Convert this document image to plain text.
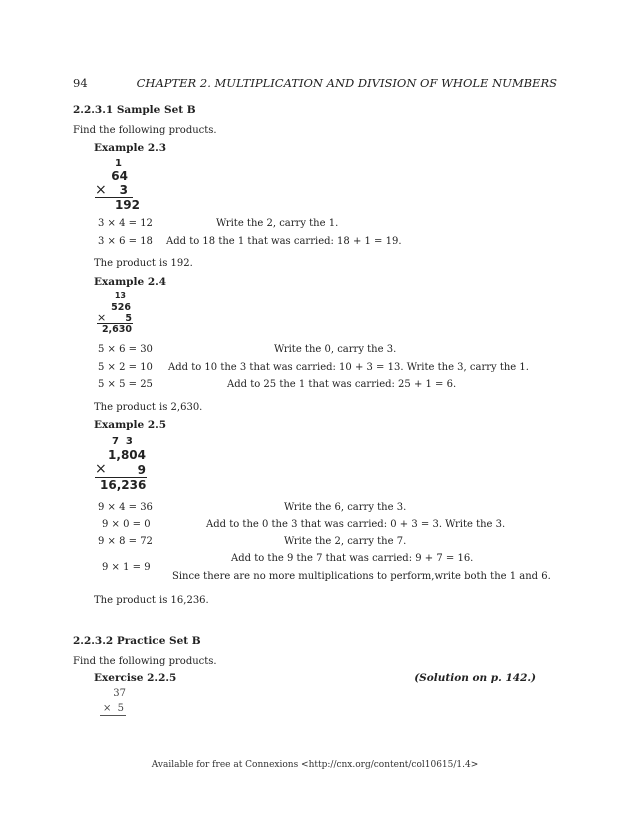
94	CHAPTER 2. MULTIPLICATION AND DIVISION OF WHOLE NUMBERS
2.2.3.1 Sample Set B
Find the following products.
Example 2.3
1
64
×	3
192
3 × 4 = 12	Write the 2, carry the 1.
3 × 6 = 18 Add to 18 the 1 that was carried: 18 + 1 = 19.
The product is 192.
Example 2.4
13
526
×	5
2,630
5 × 6 = 30	Write the 0, carry the 3.
5 × 2 = 10 Add to 10 the 3 that was carried: 10 + 3 = 13. Write the 3, carry the 1.
5 × 5 = 25	Add to 25 the 1 that was carried: 25 + 1 = 6.
The product is 2,630.
Example 2.5
7  3
1,804
×	9
16,236
9 × 4 = 36	Write the 6, carry the 3.
9 × 0 = 0	Add to the 0 the 3 that was carried: 0 + 3 = 3. Write the 3.
9 × 8 = 72	Write the 2, carry the 7.
9 × 1 = 9
Add to the 9 the 7 that was carried: 9 + 7 = 16.
Since there are no more multiplications to perform,write both the 1 and 6.
The product is 16,236.
2.2.3.2 Practice Set B
Find the following products.
Exercise 2.2.5	(Solution on p. 142.)
37
× 5
Available for free at Connexions <http://cnx.org/content/col10615/1.4>
